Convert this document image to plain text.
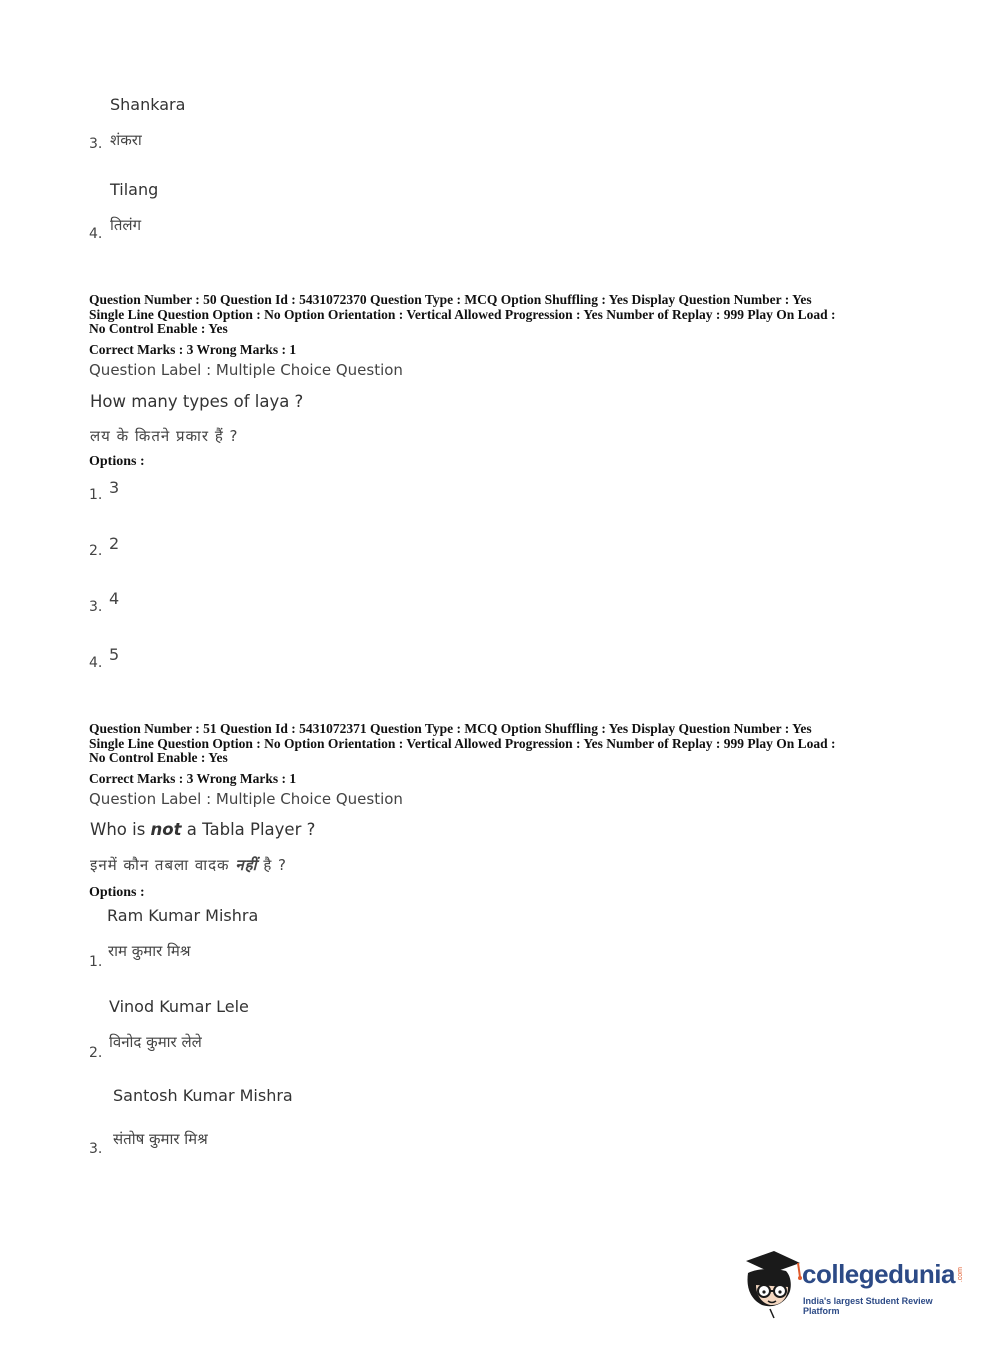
Shankara
3. शंकरा
Tilang
4. तिलंग
Question Number : 50 Question Id : 5431072370 Question Type : MCQ Option Shuffling : Yes Display Question Number : Yes
Single Line Question Option : No Option Orientation : Vertical Allowed Progression : Yes Number of Replay : 999 Play On Load :
No Control Enable : Yes
Correct Marks : 3 Wrong Marks : 1
Question Label : Multiple Choice Question
How many types of laya ?
लय के कितने प्रकार हैं ?
Options :
1. 3
2. 2
3. 4
4. 5
Question Number : 51 Question Id : 5431072371 Question Type : MCQ Option Shuffling : Yes Display Question Number : Yes
Single Line Question Option : No Option Orientation : Vertical Allowed Progression : Yes Number of Replay : 999 Play On Load :
No Control Enable : Yes
Correct Marks : 3 Wrong Marks : 1
Question Label : Multiple Choice Question
Who is not a Tabla Player ?
इनमें कौन तबला वादक नहीं है ?
Options :
Ram Kumar Mishra
1.
राम कुमार मिश्र
Vinod Kumar Lele
2.
विनोद कुमार लेले
Santosh Kumar Mishra
3.
संतोष कुमार मिश्र
collegedunia .com
India's largest Student Review Platform
